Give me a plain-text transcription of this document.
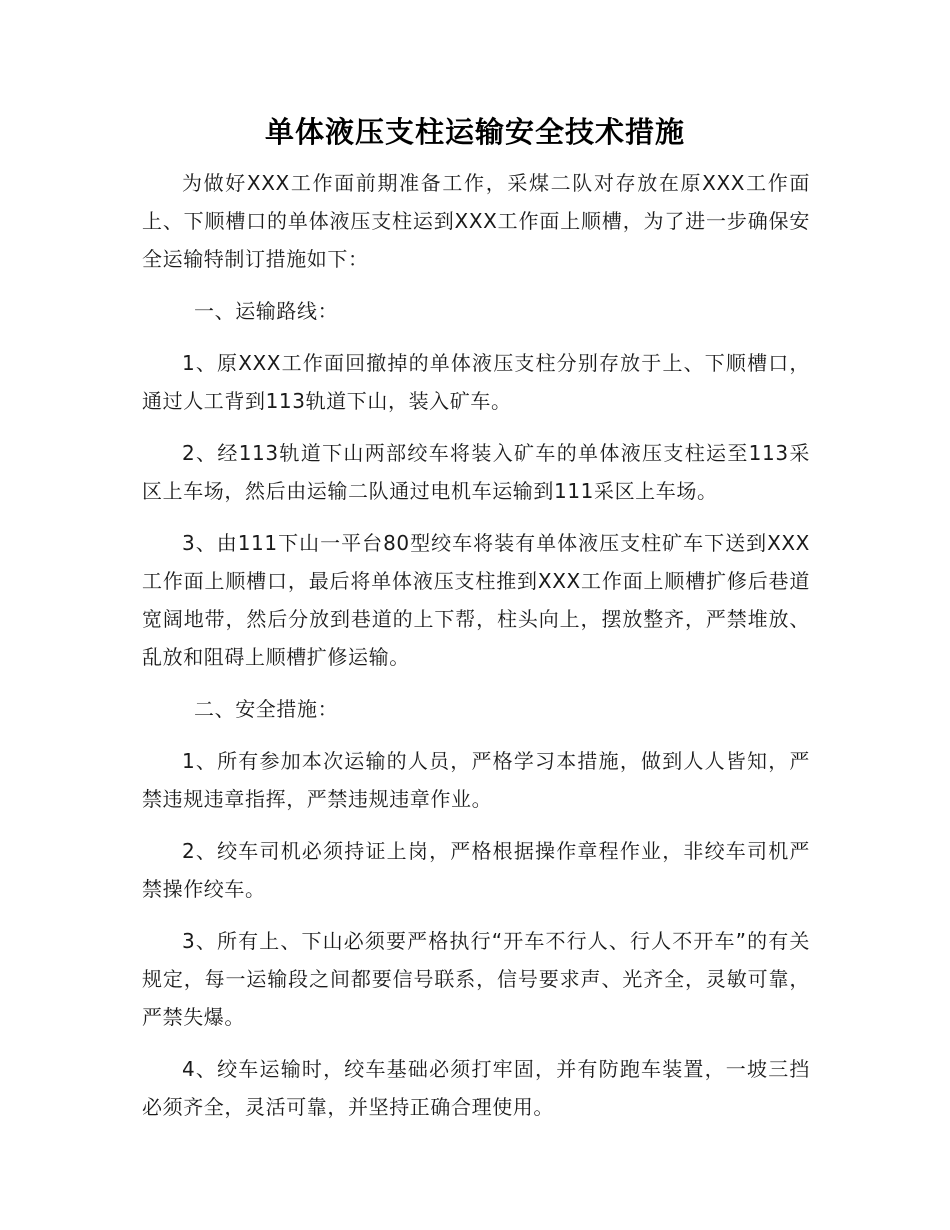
单体液压支柱运输安全技术措施

为做好XXX工作面前期准备工作，采煤二队对存放在原XXX工作面上、下顺槽口的单体液压支柱运到XXX工作面上顺槽，为了进一步确保安全运输特制订措施如下：

一、运输路线：

1、原XXX工作面回撤掉的单体液压支柱分别存放于上、下顺槽口，通过人工背到113轨道下山，装入矿车。

2、经113轨道下山两部绞车将装入矿车的单体液压支柱运至113采区上车场，然后由运输二队通过电机车运输到111采区上车场。

3、由111下山一平台80型绞车将装有单体液压支柱矿车下送到XXX工作面上顺槽口，最后将单体液压支柱推到XXX工作面上顺槽扩修后巷道宽阔地带，然后分放到巷道的上下帮，柱头向上，摆放整齐，严禁堆放、乱放和阻碍上顺槽扩修运输。

二、安全措施：

1、所有参加本次运输的人员，严格学习本措施，做到人人皆知，严禁违规违章指挥，严禁违规违章作业。

2、绞车司机必须持证上岗，严格根据操作章程作业，非绞车司机严禁操作绞车。

3、所有上、下山必须要严格执行“开车不行人、行人不开车”的有关规定，每一运输段之间都要信号联系，信号要求声、光齐全，灵敏可靠，严禁失爆。

4、绞车运输时，绞车基础必须打牢固，并有防跑车装置，一坡三挡必须齐全，灵活可靠，并坚持正确合理使用。
